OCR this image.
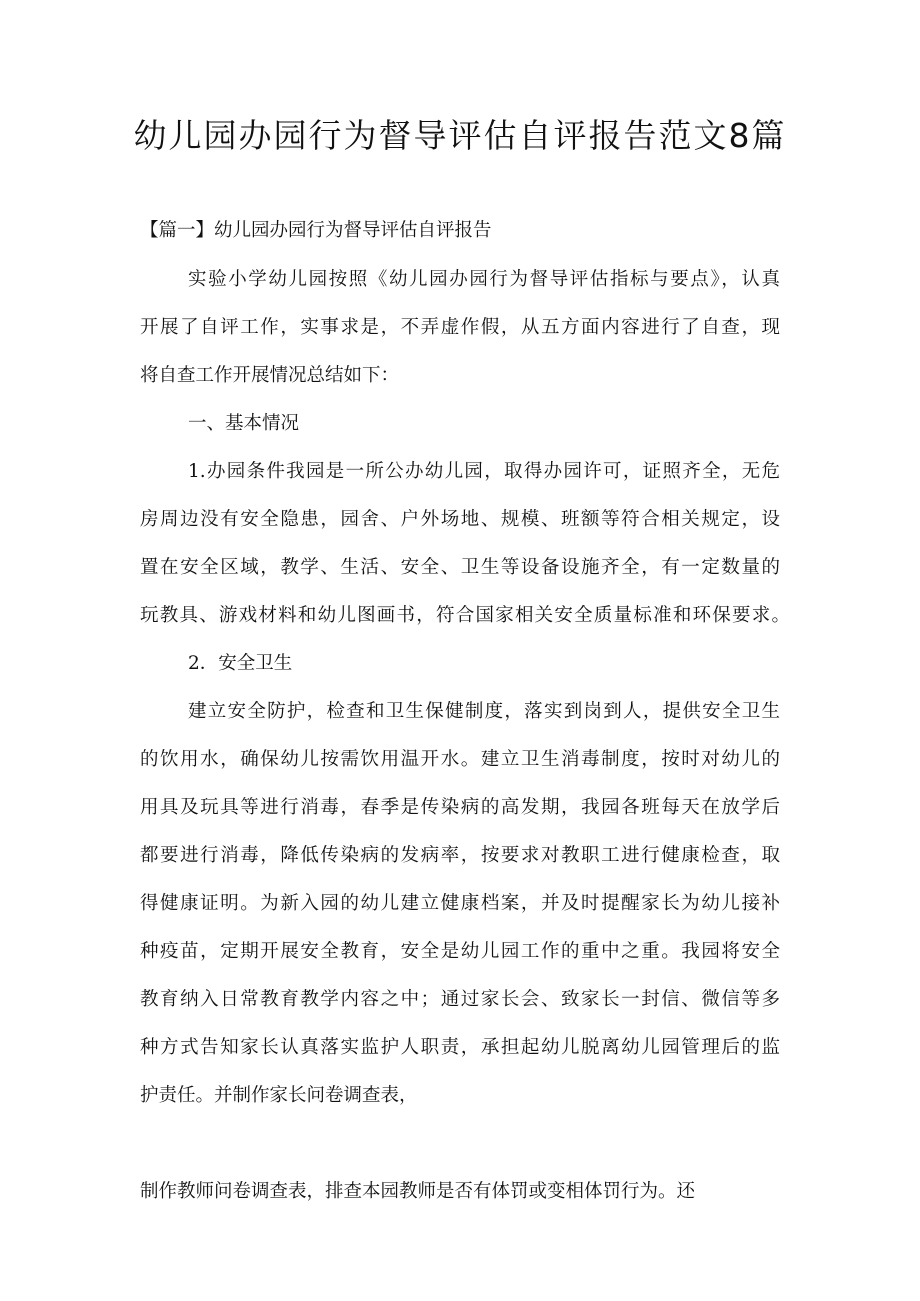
幼儿园办园行为督导评估自评报告范文8篇

【篇一】幼儿园办园行为督导评估自评报告

实验小学幼儿园按照《幼儿园办园行为督导评估指标与要点》，认真

开展了自评工作，实事求是，不弄虚作假，从五方面内容进行了自查，现

将自查工作开展情况总结如下：

一、基本情况

1.办园条件我园是一所公办幼儿园，取得办园许可，证照齐全，无危

房周边没有安全隐患，园舍、户外场地、规模、班额等符合相关规定，设

置在安全区域，教学、生活、安全、卫生等设备设施齐全，有一定数量的

玩教具、游戏材料和幼儿图画书，符合国家相关安全质量标准和环保要求。

2．安全卫生

建立安全防护，检查和卫生保健制度，落实到岗到人，提供安全卫生

的饮用水，确保幼儿按需饮用温开水。建立卫生消毒制度，按时对幼儿的

用具及玩具等进行消毒，春季是传染病的高发期，我园各班每天在放学后

都要进行消毒，降低传染病的发病率，按要求对教职工进行健康检查，取

得健康证明。为新入园的幼儿建立健康档案，并及时提醒家长为幼儿接补

种疫苗，定期开展安全教育，安全是幼儿园工作的重中之重。我园将安全

教育纳入日常教育教学内容之中；通过家长会、致家长一封信、微信等多

种方式告知家长认真落实监护人职责，承担起幼儿脱离幼儿园管理后的监

护责任。并制作家长问卷调查表，

制作教师问卷调查表，排查本园教师是否有体罚或变相体罚行为。还
